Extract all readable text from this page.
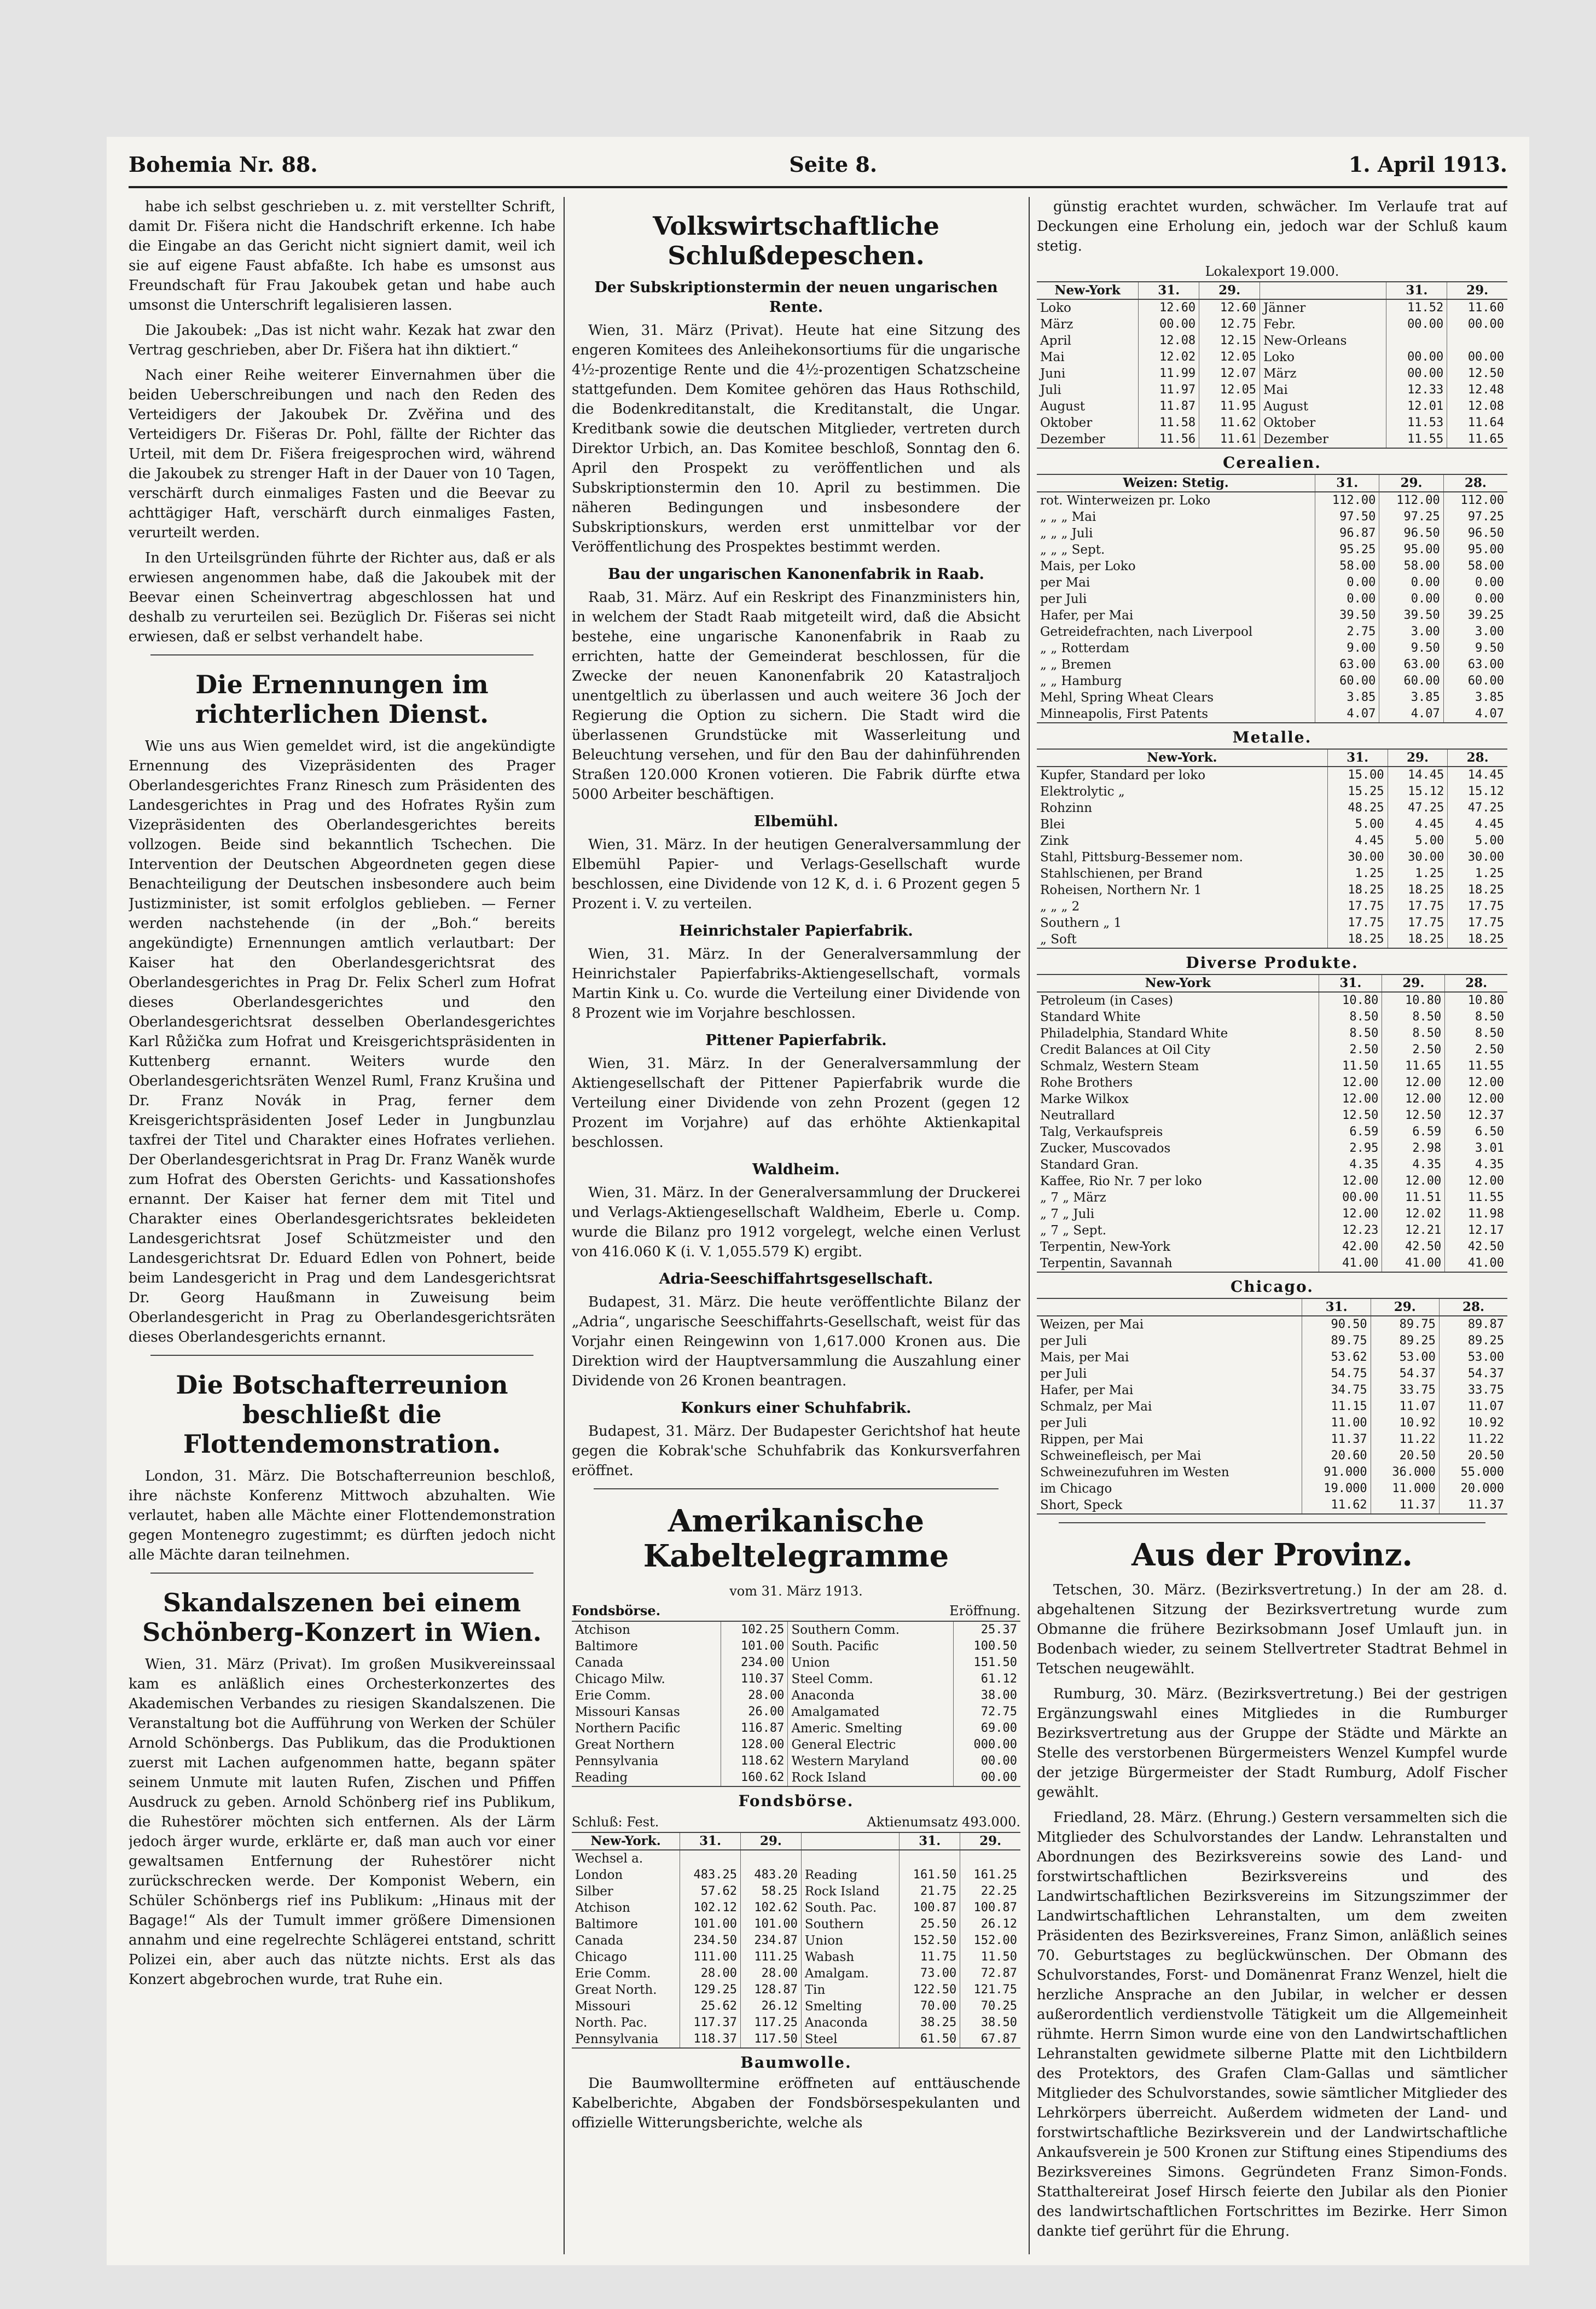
Bohemia Nr. 88.	Seite 8.	1. April 1913.

habe ich selbst geschrieben u. z. mit verstellter Schrift, damit Dr. Fišera nicht die Handschrift erkenne. Ich habe die Eingabe an das Gericht nicht signiert damit, weil ich sie auf eigene Faust abfaßte. Ich habe es umsonst aus Freundschaft für Frau Jakoubek getan und habe auch umsonst die Unterschrift legalisieren lassen.

Die Jakoubek: „Das ist nicht wahr. Kezak hat zwar den Vertrag geschrieben, aber Dr. Fišera hat ihn diktiert.“

Nach einer Reihe weiterer Einvernahmen über die beiden Ueberschreibungen und nach den Reden des Verteidigers der Jakoubek Dr. Zvěřina und des Verteidigers Dr. Fišeras Dr. Pohl, fällte der Richter das Urteil, mit dem Dr. Fišera freigesprochen wird, während die Jakoubek zu strenger Haft in der Dauer von 10 Tagen, verschärft durch einmaliges Fasten und die Beevar zu achttägiger Haft, verschärft durch einmaliges Fasten, verurteilt werden.

In den Urteilsgründen führte der Richter aus, daß er als erwiesen angenommen habe, daß die Jakoubek mit der Beevar einen Scheinvertrag abgeschlossen hat und deshalb zu verurteilen sei. Bezüglich Dr. Fišeras sei nicht erwiesen, daß er selbst verhandelt habe.

Die Ernennungen im richterlichen Dienst.

Wie uns aus Wien gemeldet wird, ist die angekündigte Ernennung des Vizepräsidenten des Prager Oberlandesgerichtes Franz Rinesch zum Präsidenten des Landesgerichtes in Prag und des Hofrates Ryšin zum Vizepräsidenten des Oberlandesgerichtes bereits vollzogen. Beide sind bekanntlich Tschechen. Die Intervention der Deutschen Abgeordneten gegen diese Benachteiligung der Deutschen insbesondere auch beim Justizminister, ist somit erfolglos geblieben. — Ferner werden nachstehende (in der „Boh.“ bereits angekündigte) Ernennungen amtlich verlautbart: Der Kaiser hat den Oberlandesgerichtsrat des Oberlandesgerichtes in Prag Dr. Felix Scherl zum Hofrat dieses Oberlandesgerichtes und den Oberlandesgerichtsrat desselben Oberlandesgerichtes Karl Růžička zum Hofrat und Kreisgerichtspräsidenten in Kuttenberg ernannt. Weiters wurde den Oberlandesgerichtsräten Wenzel Ruml, Franz Krušina und Dr. Franz Novák in Prag, ferner dem Kreisgerichtspräsidenten Josef Leder in Jungbunzlau taxfrei der Titel und Charakter eines Hofrates verliehen. Der Oberlandesgerichtsrat in Prag Dr. Franz Waněk wurde zum Hofrat des Obersten Gerichts- und Kassationshofes ernannt. Der Kaiser hat ferner dem mit Titel und Charakter eines Oberlandesgerichtsrates bekleideten Landesgerichtsrat Josef Schützmeister und den Landesgerichtsrat Dr. Eduard Edlen von Pohnert, beide beim Landesgericht in Prag und dem Landesgerichtsrat Dr. Georg Haußmann in Zuweisung beim Oberlandesgericht in Prag zu Oberlandesgerichtsräten dieses Oberlandesgerichts ernannt.

Die Botschafterreunion beschließt die Flottendemonstration.

London, 31. März. Die Botschafterreunion beschloß, ihre nächste Konferenz Mittwoch abzuhalten. Wie verlautet, haben alle Mächte einer Flottendemonstration gegen Montenegro zugestimmt; es dürften jedoch nicht alle Mächte daran teilnehmen.

Skandalszenen bei einem Schönberg-Konzert in Wien.

Wien, 31. März (Privat). Im großen Musikvereinssaal kam es anläßlich eines Orchesterkonzertes des Akademischen Verbandes zu riesigen Skandalszenen. Die Veranstaltung bot die Aufführung von Werken der Schüler Arnold Schönbergs. Das Publikum, das die Produktionen zuerst mit Lachen aufgenommen hatte, begann später seinem Unmute mit lauten Rufen, Zischen und Pfiffen Ausdruck zu geben. Arnold Schönberg rief ins Publikum, die Ruhestörer möchten sich entfernen. Als der Lärm jedoch ärger wurde, erklärte er, daß man auch vor einer gewaltsamen Entfernung der Ruhestörer nicht zurückschrecken werde. Der Komponist Webern, ein Schüler Schönbergs rief ins Publikum: „Hinaus mit der Bagage!“ Als der Tumult immer größere Dimensionen annahm und eine regelrechte Schlägerei entstand, schritt Polizei ein, aber auch das nützte nichts. Erst als das Konzert abgebrochen wurde, trat Ruhe ein.

Volkswirtschaftliche Schlußdepeschen.
Der Subskriptionstermin der neuen ungarischen Rente.

Wien, 31. März (Privat). Heute hat eine Sitzung des engeren Komitees des Anleihekonsortiums für die ungarische 4½-prozentige Rente und die 4½-prozentigen Schatzscheine stattgefunden. Dem Komitee gehören das Haus Rothschild, die Bodenkreditanstalt, die Kreditanstalt, die Ungar. Kreditbank sowie die deutschen Mitglieder, vertreten durch Direktor Urbich, an. Das Komitee beschloß, Sonntag den 6. April den Prospekt zu veröffentlichen und als Subskriptionstermin den 10. April zu bestimmen. Die näheren Bedingungen und insbesondere der Subskriptionskurs, werden erst unmittelbar vor der Veröffentlichung des Prospektes bestimmt werden.

Bau der ungarischen Kanonenfabrik in Raab.

Raab, 31. März. Auf ein Reskript des Finanzministers hin, in welchem der Stadt Raab mitgeteilt wird, daß die Absicht bestehe, eine ungarische Kanonenfabrik in Raab zu errichten, hatte der Gemeinderat beschlossen, für die Zwecke der neuen Kanonenfabrik 20 Katastraljoch unentgeltlich zu überlassen und auch weitere 36 Joch der Regierung die Option zu sichern. Die Stadt wird die überlassenen Grundstücke mit Wasserleitung und Beleuchtung versehen, und für den Bau der dahinführenden Straßen 120.000 Kronen votieren. Die Fabrik dürfte etwa 5000 Arbeiter beschäftigen.

Elbemühl.

Wien, 31. März. In der heutigen Generalversammlung der Elbemühl Papier- und Verlags-Gesellschaft wurde beschlossen, eine Dividende von 12 K, d. i. 6 Prozent gegen 5 Prozent i. V. zu verteilen.

Heinrichstaler Papierfabrik.

Wien, 31. März. In der Generalversammlung der Heinrichstaler Papierfabriks-Aktiengesellschaft, vormals Martin Kink u. Co. wurde die Verteilung einer Dividende von 8 Prozent wie im Vorjahre beschlossen.

Pittener Papierfabrik.

Wien, 31. März. In der Generalversammlung der Aktiengesellschaft der Pittener Papierfabrik wurde die Verteilung einer Dividende von zehn Prozent (gegen 12 Prozent im Vorjahre) auf das erhöhte Aktienkapital beschlossen.

Waldheim.

Wien, 31. März. In der Generalversammlung der Druckerei und Verlags-Aktiengesellschaft Waldheim, Eberle u. Comp. wurde die Bilanz pro 1912 vorgelegt, welche einen Verlust von 416.060 K (i. V. 1,055.579 K) ergibt.

Adria-Seeschiffahrtsgesellschaft.

Budapest, 31. März. Die heute veröffentlichte Bilanz der „Adria“, ungarische Seeschiffahrts-Gesellschaft, weist für das Vorjahr einen Reingewinn von 1,617.000 Kronen aus. Die Direktion wird der Hauptversammlung die Auszahlung einer Dividende von 26 Kronen beantragen.

Konkurs einer Schuhfabrik.

Budapest, 31. März. Der Budapester Gerichtshof hat heute gegen die Kobrak'sche Schuhfabrik das Konkursverfahren eröffnet.

Amerikanische Kabeltelegramme
vom 31. März 1913.
Fondsbörse.	Eröffnung.
Atchison	102.25	Southern Comm.	25.37
Baltimore	101.00	South. Pacific	100.50
Canada	234.00	Union	151.50
Chicago Milw.	110.37	Steel Comm.	61.12
Erie Comm.	28.00	Anaconda	38.00
Missouri Kansas	26.00	Amalgamated	72.75
Northern Pacific	116.87	Americ. Smelting	69.00
Great Northern	128.00	General Electric	000.00
Pennsylvania	118.62	Western Maryland	00.00
Reading	160.62	Rock Island	00.00
Fondsbörse.
Schluß: Fest.	Aktienumsatz 493.000.
New-York.	31.	29.		31.	29.
Wechsel a.					
London	483.25	483.20	Reading	161.50	161.25
Silber	57.62	58.25	Rock Island	21.75	22.25
Atchison	102.12	102.62	South. Pac.	100.87	100.87
Baltimore	101.00	101.00	Southern	25.50	26.12
Canada	234.50	234.87	Union	152.50	152.00
Chicago	111.00	111.25	Wabash	11.75	11.50
Erie Comm.	28.00	28.00	Amalgam.	73.00	72.87
Great North.	129.25	128.87	Tin	122.50	121.75
Missouri	25.62	26.12	Smelting	70.00	70.25
North. Pac.	117.37	117.25	Anaconda	38.25	38.50
Pennsylvania	118.37	117.50	Steel	61.50	67.87
Baumwolle.

Die Baumwolltermine eröffneten auf enttäuschende Kabelberichte, Abgaben der Fondsbörsespekulanten und offizielle Witterungsberichte, welche als

günstig erachtet wurden, schwächer. Im Verlaufe trat auf Deckungen eine Erholung ein, jedoch war der Schluß kaum stetig.

Lokalexport 19.000.
New-York	31.	29.		31.	29.
Loko	12.60	12.60	Jänner	11.52	11.60
März	00.00	12.75	Febr.	00.00	00.00
April	12.08	12.15	New-Orleans		
Mai	12.02	12.05	Loko	00.00	00.00
Juni	11.99	12.07	März	00.00	12.50
Juli	11.97	12.05	Mai	12.33	12.48
August	11.87	11.95	August	12.01	12.08
Oktober	11.58	11.62	Oktober	11.53	11.64
Dezember	11.56	11.61	Dezember	11.55	11.65
Cerealien.
Weizen: Stetig.	31.	29.	28.
rot. Winterweizen pr. Loko	112.00	112.00	112.00
„ „ „ Mai	97.50	97.25	97.25
„ „ „ Juli	96.87	96.50	96.50
„ „ „ Sept.	95.25	95.00	95.00
Mais, per Loko	58.00	58.00	58.00
per Mai	0.00	0.00	0.00
per Juli	0.00	0.00	0.00
Hafer, per Mai	39.50	39.50	39.25
Getreidefrachten, nach Liverpool	2.75	3.00	3.00
„ „ Rotterdam	9.00	9.50	9.50
„ „ Bremen	63.00	63.00	63.00
„ „ Hamburg	60.00	60.00	60.00
Mehl, Spring Wheat Clears	3.85	3.85	3.85
Minneapolis, First Patents	4.07	4.07	4.07
Metalle.
New-York.	31.	29.	28.
Kupfer, Standard per loko	15.00	14.45	14.45
Elektrolytic „	15.25	15.12	15.12
Rohzinn	48.25	47.25	47.25
Blei	5.00	4.45	4.45
Zink	4.45	5.00	5.00
Stahl, Pittsburg-Bessemer nom.	30.00	30.00	30.00
Stahlschienen, per Brand	1.25	1.25	1.25
Roheisen, Northern Nr. 1	18.25	18.25	18.25
„ „ „ 2	17.75	17.75	17.75
Southern „ 1	17.75	17.75	17.75
„ Soft	18.25	18.25	18.25
Diverse Produkte.
New-York	31.	29.	28.
Petroleum (in Cases)	10.80	10.80	10.80
Standard White	8.50	8.50	8.50
Philadelphia, Standard White	8.50	8.50	8.50
Credit Balances at Oil City	2.50	2.50	2.50
Schmalz, Western Steam	11.50	11.65	11.55
Rohe Brothers	12.00	12.00	12.00
Marke Wilkox	12.00	12.00	12.00
Neutrallard	12.50	12.50	12.37
Talg, Verkaufspreis	6.59	6.59	6.50
Zucker, Muscovados	2.95	2.98	3.01
Standard Gran.	4.35	4.35	4.35
Kaffee, Rio Nr. 7 per loko	12.00	12.00	12.00
„ 7 „ März	00.00	11.51	11.55
„ 7 „ Juli	12.00	12.02	11.98
„ 7 „ Sept.	12.23	12.21	12.17
Terpentin, New-York	42.00	42.50	42.50
Terpentin, Savannah	41.00	41.00	41.00
Chicago.
	31.	29.	28.
Weizen, per Mai	90.50	89.75	89.87
per Juli	89.75	89.25	89.25
Mais, per Mai	53.62	53.00	53.00
per Juli	54.75	54.37	54.37
Hafer, per Mai	34.75	33.75	33.75
Schmalz, per Mai	11.15	11.07	11.07
per Juli	11.00	10.92	10.92
Rippen, per Mai	11.37	11.22	11.22
Schweinefleisch, per Mai	20.60	20.50	20.50
Schweinezufuhren im Westen	91.000	36.000	55.000
im Chicago	19.000	11.000	20.000
Short, Speck	11.62	11.37	11.37
Aus der Provinz.

Tetschen, 30. März. (Bezirksvertretung.) In der am 28. d. abgehaltenen Sitzung der Bezirksvertretung wurde zum Obmanne die frühere Bezirksobmann Josef Umlauft jun. in Bodenbach wieder, zu seinem Stellvertreter Stadtrat Behmel in Tetschen neugewählt.

Rumburg, 30. März. (Bezirksvertretung.) Bei der gestrigen Ergänzungswahl eines Mitgliedes in die Rumburger Bezirksvertretung aus der Gruppe der Städte und Märkte an Stelle des verstorbenen Bürgermeisters Wenzel Kumpfel wurde der jetzige Bürgermeister der Stadt Rumburg, Adolf Fischer gewählt.

Friedland, 28. März. (Ehrung.) Gestern versammelten sich die Mitglieder des Schulvorstandes der Landw. Lehranstalten und Abordnungen des Bezirksvereins sowie des Land- und forstwirtschaftlichen Bezirksvereins und des Landwirtschaftlichen Bezirksvereins im Sitzungszimmer der Landwirtschaftlichen Lehranstalten, um dem zweiten Präsidenten des Bezirksvereines, Franz Simon, anläßlich seines 70. Geburtstages zu beglückwünschen. Der Obmann des Schulvorstandes, Forst- und Domänenrat Franz Wenzel, hielt die herzliche Ansprache an den Jubilar, in welcher er dessen außerordentlich verdienstvolle Tätigkeit um die Allgemeinheit rühmte. Herrn Simon wurde eine von den Landwirtschaftlichen Lehranstalten gewidmete silberne Platte mit den Lichtbildern des Protektors, des Grafen Clam-Gallas und sämtlicher Mitglieder des Schulvorstandes, sowie sämtlicher Mitglieder des Lehrkörpers überreicht. Außerdem widmeten der Land- und forstwirtschaftliche Bezirksverein und der Landwirtschaftliche Ankaufsverein je 500 Kronen zur Stiftung eines Stipendiums des Bezirksvereines Simons. Gegründeten Franz Simon-Fonds. Statthaltereirat Josef Hirsch feierte den Jubilar als den Pionier des landwirtschaftlichen Fortschrittes im Bezirke. Herr Simon dankte tief gerührt für die Ehrung.
